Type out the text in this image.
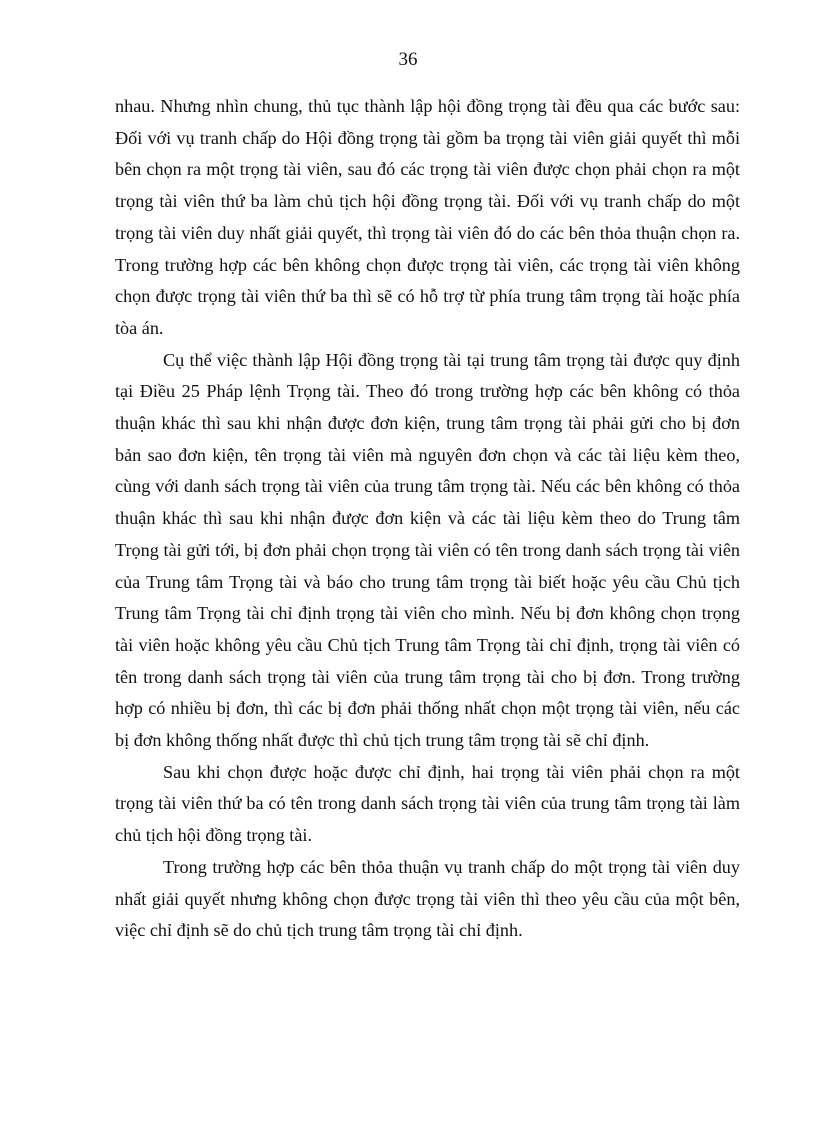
36

nhau. Nhưng nhìn chung, thủ tục thành lập hội đồng trọng tài đều qua các bước sau: Đối với vụ tranh chấp do Hội đồng trọng tài gồm ba trọng tài viên giải quyết thì mỗi bên chọn ra một trọng tài viên, sau đó các trọng tài viên được chọn phải chọn ra một trọng tài viên thứ ba làm chủ tịch hội đồng trọng tài. Đối với vụ tranh chấp do một trọng tài viên duy nhất giải quyết, thì trọng tài viên đó do các bên thỏa thuận chọn ra. Trong trường hợp các bên không chọn được trọng tài viên, các trọng tài viên không chọn được trọng tài viên thứ ba thì sẽ có hỗ trợ từ phía trung tâm trọng tài hoặc phía tòa án.

Cụ thể việc thành lập Hội đồng trọng tài tại trung tâm trọng tài được quy định tại Điều 25 Pháp lệnh Trọng tài. Theo đó trong trường hợp các bên không có thỏa thuận khác thì sau khi nhận được đơn kiện, trung tâm trọng tài phải gửi cho bị đơn bản sao đơn kiện, tên trọng tài viên mà nguyên đơn chọn và các tài liệu kèm theo, cùng với danh sách trọng tài viên của trung tâm trọng tài. Nếu các bên không có thỏa thuận khác thì sau khi nhận được đơn kiện và các tài liệu kèm theo do Trung tâm Trọng tài gửi tới, bị đơn phải chọn trọng tài viên có tên trong danh sách trọng tài viên của Trung tâm Trọng tài và báo cho trung tâm trọng tài biết hoặc yêu cầu Chủ tịch Trung tâm Trọng tài chỉ định trọng tài viên cho mình. Nếu bị đơn không chọn trọng tài viên hoặc không yêu cầu Chủ tịch Trung tâm Trọng tài chỉ định, trọng tài viên có tên trong danh sách trọng tài viên của trung tâm trọng tài cho bị đơn. Trong trường hợp có nhiều bị đơn, thì các bị đơn phải thống nhất chọn một trọng tài viên, nếu các bị đơn không thống nhất được thì chủ tịch trung tâm trọng tài sẽ chỉ định.

Sau khi chọn được hoặc được chỉ định, hai trọng tài viên phải chọn ra một trọng tài viên thứ ba có tên trong danh sách trọng tài viên của trung tâm trọng tài làm chủ tịch hội đồng trọng tài.

Trong trường hợp các bên thỏa thuận vụ tranh chấp do một trọng tài viên duy nhất giải quyết nhưng không chọn được trọng tài viên thì theo yêu cầu của một bên, việc chỉ định sẽ do chủ tịch trung tâm trọng tài chỉ định.
